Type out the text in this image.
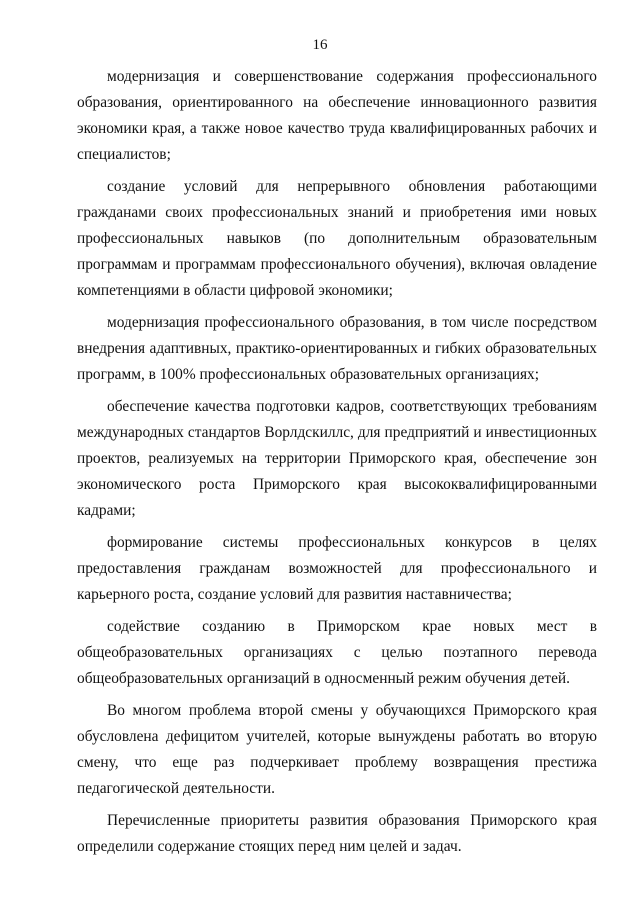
16

модернизация и совершенствование содержания профессионального образования, ориентированного на обеспечение инновационного развития экономики края, а также новое качество труда квалифицированных рабочих и специалистов;

создание условий для непрерывного обновления работающими гражданами своих профессиональных знаний и приобретения ими новых профессиональных навыков (по дополнительным образовательным программам и программам профессионального обучения), включая овладение компетенциями в области цифровой экономики;

модернизация профессионального образования, в том числе посредством внедрения адаптивных, практико-ориентированных и гибких образовательных программ, в 100% профессиональных образовательных организациях;

обеспечение качества подготовки кадров, соответствующих требованиям международных стандартов Ворлдскиллс, для предприятий и инвестиционных проектов, реализуемых на территории Приморского края, обеспечение зон экономического роста Приморского края высококвалифицированными кадрами;

формирование системы профессиональных конкурсов в целях предоставления гражданам возможностей для профессионального и карьерного роста, создание условий для развития наставничества;

содействие созданию в Приморском крае новых мест в общеобразовательных организациях с целью поэтапного перевода общеобразовательных организаций в односменный режим обучения детей.

Во многом проблема второй смены у обучающихся Приморского края обусловлена дефицитом учителей, которые вынуждены работать во вторую смену, что еще раз подчеркивает проблему возвращения престижа педагогической деятельности.

Перечисленные приоритеты развития образования Приморского края определили содержание стоящих перед ним целей и задач.
